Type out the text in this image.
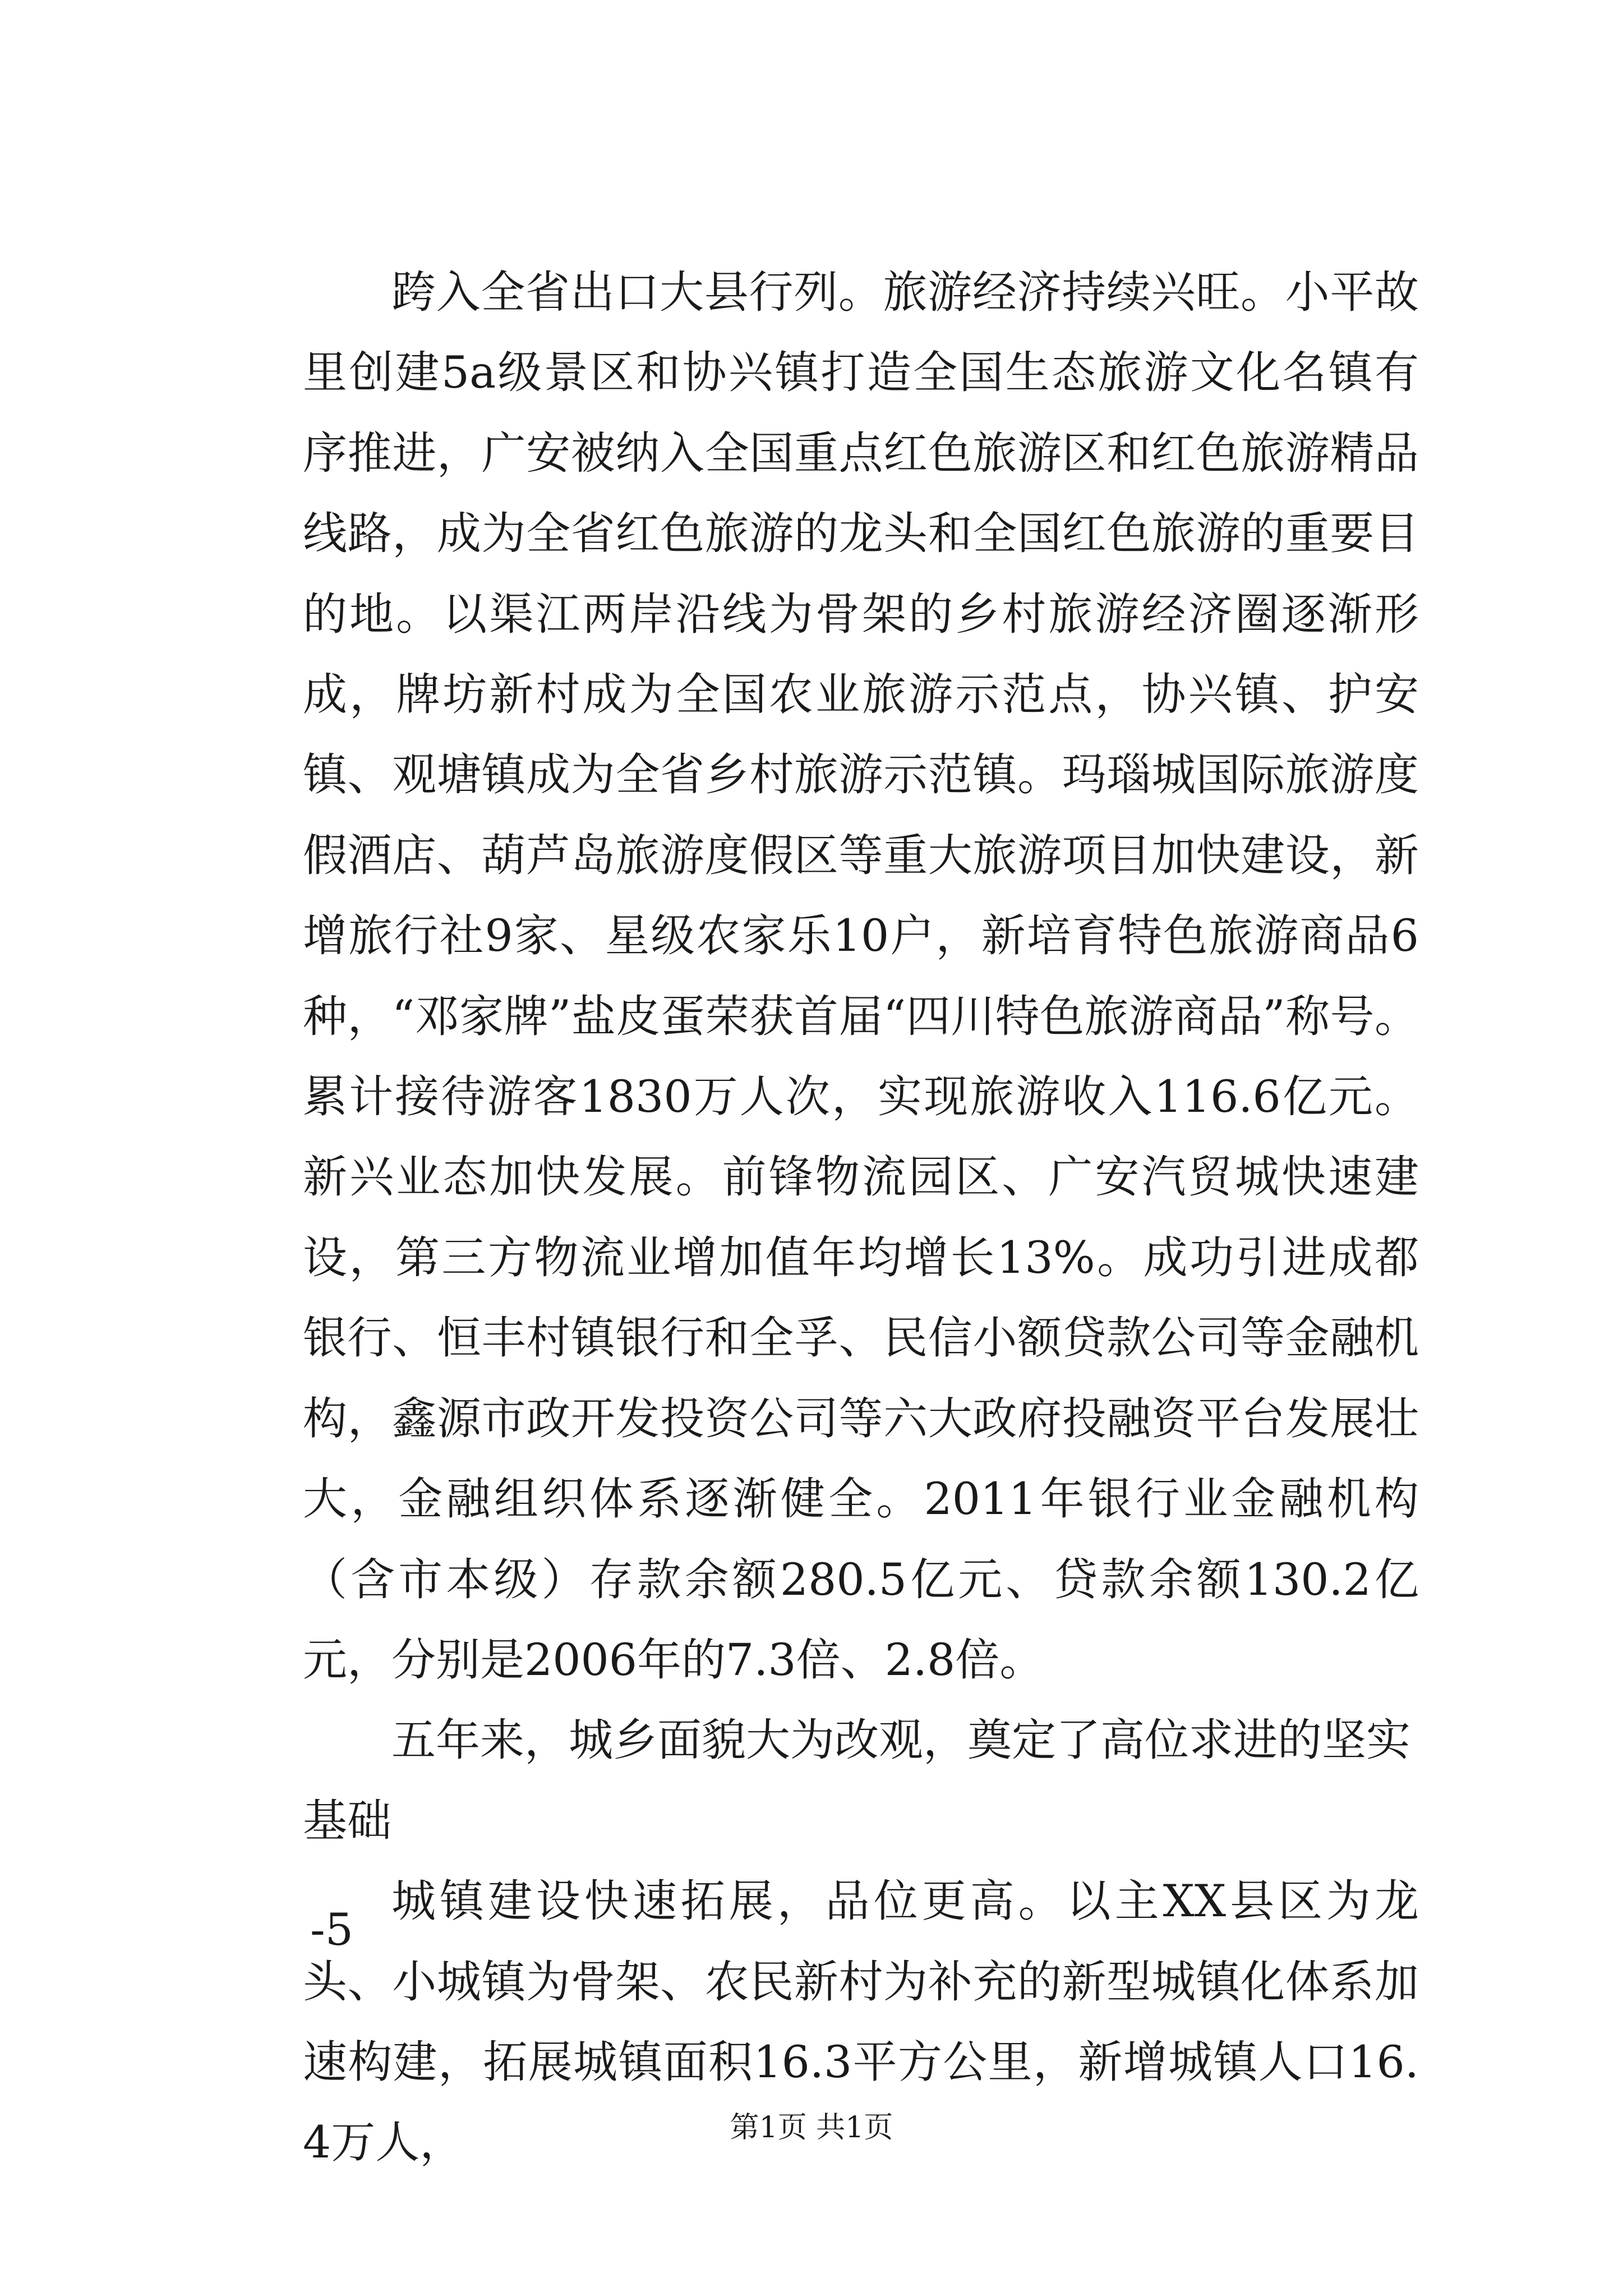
跨入全省出口大县行列。旅游经济持续兴旺。小平故里创建5a级景区和协兴镇打造全国生态旅游文化名镇有序推进，广安被纳入全国重点红色旅游区和红色旅游精品线路，成为全省红色旅游的龙头和全国红色旅游的重要目的地。以渠江两岸沿线为骨架的乡村旅游经济圈逐渐形成，牌坊新村成为全国农业旅游示范点，协兴镇、护安镇、观塘镇成为全省乡村旅游示范镇。玛瑙城国际旅游度假酒店、葫芦岛旅游度假区等重大旅游项目加快建设，新增旅行社9家、星级农家乐10户，新培育特色旅游商品6种，“邓家牌”盐皮蛋荣获首届“四川特色旅游商品”称号。累计接待游客1830万人次，实现旅游收入116.6亿元。新兴业态加快发展。前锋物流园区、广安汽贸城快速建设，第三方物流业增加值年均增长13%。成功引进成都银行、恒丰村镇银行和全孚、民信小额贷款公司等金融机构，鑫源市政开发投资公司等六大政府投融资平台发展壮大，金融组织体系逐渐健全。2011年银行业金融机构（含市本级）存款余额280.5亿元、贷款余额130.2亿元，分别是2006年的7.3倍、2.8倍。

五年来，城乡面貌大为改观，奠定了高位求进的坚实基础

城镇建设快速拓展，品位更高。以主XX县区为龙头、小城镇为骨架、农民新村为补充的新型城镇化体系加速构建，拓展城镇面积16.3平方公里，新增城镇人口16.4万人，

-5
第1页 共1页
